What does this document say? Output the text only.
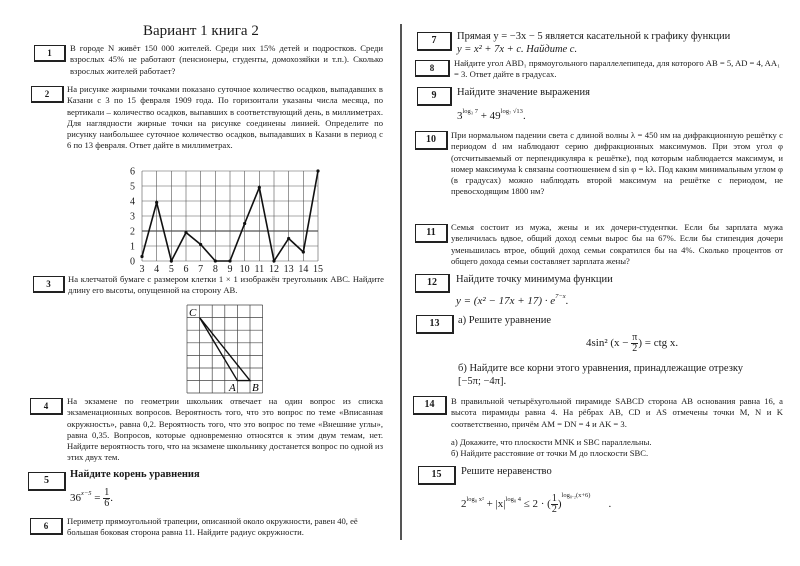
Вариант 1 книга 2
1	В городе N живёт 150 000 жителей. Среди них 15% детей и подростков. Среди взрослых 45% не работают (пенсионеры, студенты, домохозяйки и т.п.). Сколько взрослых жителей работает?
2	На рисунке жирными точками показано суточное количество осадков, выпадавших в Казани с 3 по 15 февраля 1909 года. По горизонтали указаны числа месяца, по вертикали – количество осадков, выпавших в соответствующий день, в миллиметрах. Для наглядности жирные точки на рисунке соединены линией. Определите по рисунку наибольшее суточное количество осадков, выпадавших в Казани в период с 6 по 13 февраля. Ответ дайте в миллиметрах.
0
1
2
3
4
5
6
3 4 5 6 7 8 9 10 11 12 13 14 15
3	На клетчатой бумаге с размером клетки 1 × 1 изображён треугольник ABC. Найдите длину его высоты, опущенной на сторону AB.
C
A B
4	На экзамене по геометрии школьник отвечает на один вопрос из списка экзаменационных вопросов. Вероятность того, что это вопрос по теме «Вписанная окружность», равна 0,2. Вероятность того, что это вопрос по теме «Внешние углы», равна 0,35. Вопросов, которые одновременно относятся к этим двум темам, нет. Найдите вероятность того, что на экзамене школьнику достанется вопрос по одной из этих двух тем.
5
Найдите корень уравнения
$36^{x-5} = \frac{1}{6}$ .
6	Периметр прямоугольной трапеции, описанной около окружности, равен 40, её большая боковая сторона равна 11. Найдите радиус окружности.
7	Прямая y = −3x − 5 является касательной к графику функции
y = x² + 7x + c. Найдите c.
8	Найдите угол ABD₁ прямоугольного параллелепипеда, для которого AB = 5, AD = 4, AA₁ = 3. Ответ дайте в градусах.
9	Найдите значение выражения
$3^{log_3 7} + 49^{log_7 √13}$.
10	При нормальном падении света с длиной волны λ = 450 нм на дифракционную решётку с периодом d нм наблюдают серию дифракционных максимумов. При этом угол φ (отсчитываемый от перпендикуляра к решётке), под которым наблюдается максимум, и номер максимума k связаны соотношением d sin φ = kλ. Под каким минимальным углом φ (в градусах) можно наблюдать второй максимум на решётке с периодом, не превосходящим 1800 нм?
11	Семья состоит из мужа, жены и их дочери-студентки. Если бы зарплата мужа увеличилась вдвое, общий доход семьи вырос бы на 67%. Если бы стипендия дочери уменьшилась втрое, общий доход семьи сократился бы на 4%. Сколько процентов от общего дохода семьи составляет зарплата жены?
12	Найдите точку минимума функции
$y = (x^2 - 17x + 17) \cdot e^{7-x}$.
13	а) Решите уравнение
4sin² ($x - \frac{\pi}{2}$ ) = ctg x.
б) Найдите все корни этого уравнения, принадлежащие отрезку [−5π; −4π].
14	В правильной четырёхугольной пирамиде SABCD сторона AB основания равна 16, а высота пирамиды равна 4. На рёбрах AB, CD и AS отмечены точки M, N и K соответственно, причём AM = DN = 4 и AK = 3.
а) Докажите, что плоскости MNK и SBC параллельны.
б) Найдите расстояние от точки M до плоскости SBC.
15	Решите неравенство
$2^{log_8 x^2} + |x|^{log_8 4} \le 2$ · ( $\frac{1}{2} )^{log_0._2(x+6)}$.
